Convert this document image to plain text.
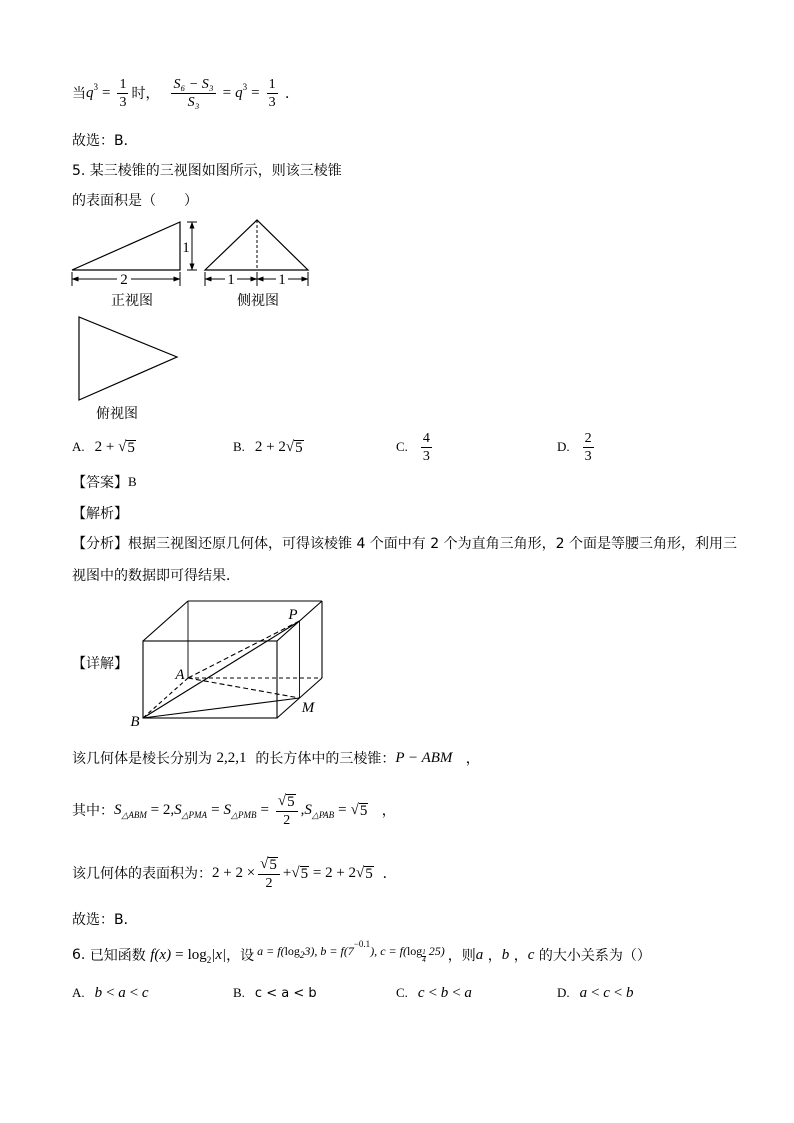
当 $q^3 = \frac{1}{3}$ 时， $\frac{\text{S₆ − S₃}}{\text{S₃}} = q^3 = \frac{1}{3}$ ．
故选：B．
5. 某三棱锥的三视图如图所示，则该三棱锥
的表面积是（　　）
1
2
正视图
1	1
侧视图
俯视图
A. 2 + √ 5	B. 2 + 2 √ 5	C. $\frac{4}{3}$	D. $\frac{2}{3}$
【答案】 B
【解析】
【分析】 根据三视图还原几何体，可得该棱锥 4 个面中有 2 个为直角三角形，2 个面是等腰三角形，利用三
视图中的数据即可得结果．
【详解】
P
A
B
M
该几何体是棱长分别为 2,2,1 的长方体中的三棱锥： P − ABM ，
其中： $S_{\triangle ABM} = 2$, $S_{\triangle PMA} = S_{\triangle PMB} = \frac{√ 5}{2}$ , $S_{\triangle PAB}$ = √ 5 ，
该几何体的表面积为： $2 + 2 \times \frac{√ 5}{2}$ + √ 5 = 2 + 2 √ 5 ．
故选：B．
6. 已知函数 $f(x) = \log_2 |x|$ ，设 a = f( $\log_2 3$), $b = f(7^{-0.1}$ ), c = f( log $_{\frac{1}{4}}$ 25) ，则 a ， b ， c 的大小关系为（）
A. b<a<c	B. c < a < b	C. c<b<a	D. a<c<b
